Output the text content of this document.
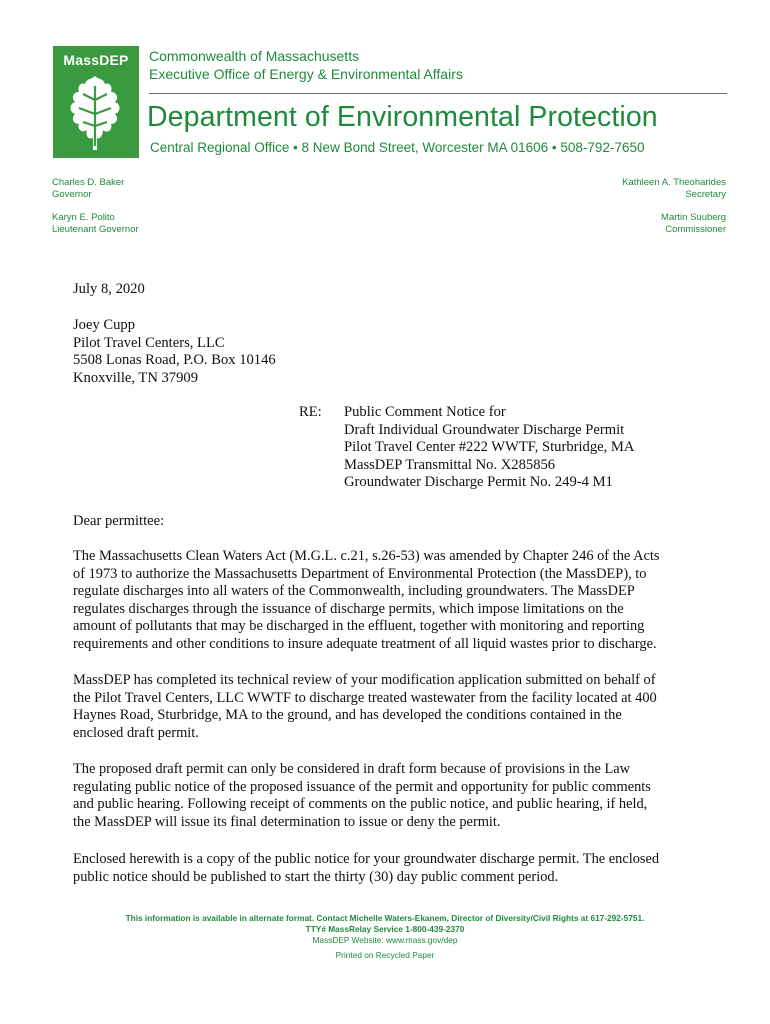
MassDEP	Commonwealth of Massachusetts
Executive Office of Energy & Environmental Affairs
Department of Environmental Protection
Central Regional Office • 8 New Bond Street, Worcester MA 01606 • 508-792-7650
Charles D. Baker
Governor
Karyn E. Polito
Lieutenant Governor
Kathleen A. Theoharides
Secretary
Martin Suuberg
Commissioner
July 8, 2020
Joey Cupp
Pilot Travel Centers, LLC
5508 Lonas Road, P.O. Box 10146
Knoxville, TN 37909
RE: Public Comment Notice for
Draft Individual Groundwater Discharge Permit
Pilot Travel Center #222 WWTF, Sturbridge, MA
MassDEP Transmittal No. X285856
Groundwater Discharge Permit No. 249-4 M1
Dear permittee:
The Massachusetts Clean Waters Act (M.G.L. c.21, s.26-53) was amended by Chapter 246 of the Acts
of 1973 to authorize the Massachusetts Department of Environmental Protection (the MassDEP), to
regulate discharges into all waters of the Commonwealth, including groundwaters. The MassDEP
regulates discharges through the issuance of discharge permits, which impose limitations on the
amount of pollutants that may be discharged in the effluent, together with monitoring and reporting
requirements and other conditions to insure adequate treatment of all liquid wastes prior to discharge.
MassDEP has completed its technical review of your modification application submitted on behalf of
the Pilot Travel Centers, LLC WWTF to discharge treated wastewater from the facility located at 400
Haynes Road, Sturbridge, MA to the ground, and has developed the conditions contained in the
enclosed draft permit.
The proposed draft permit can only be considered in draft form because of provisions in the Law
regulating public notice of the proposed issuance of the permit and opportunity for public comments
and public hearing. Following receipt of comments on the public notice, and public hearing, if held,
the MassDEP will issue its final determination to issue or deny the permit.
Enclosed herewith is a copy of the public notice for your groundwater discharge permit. The enclosed
public notice should be published to start the thirty (30) day public comment period.
This information is available in alternate format. Contact Michelle Waters-Ekanem, Director of Diversity/Civil Rights at 617-292-5751.
TTY# MassRelay Service 1-800-439-2370
MassDEP Website: www.mass.gov/dep
Printed on Recycled Paper
